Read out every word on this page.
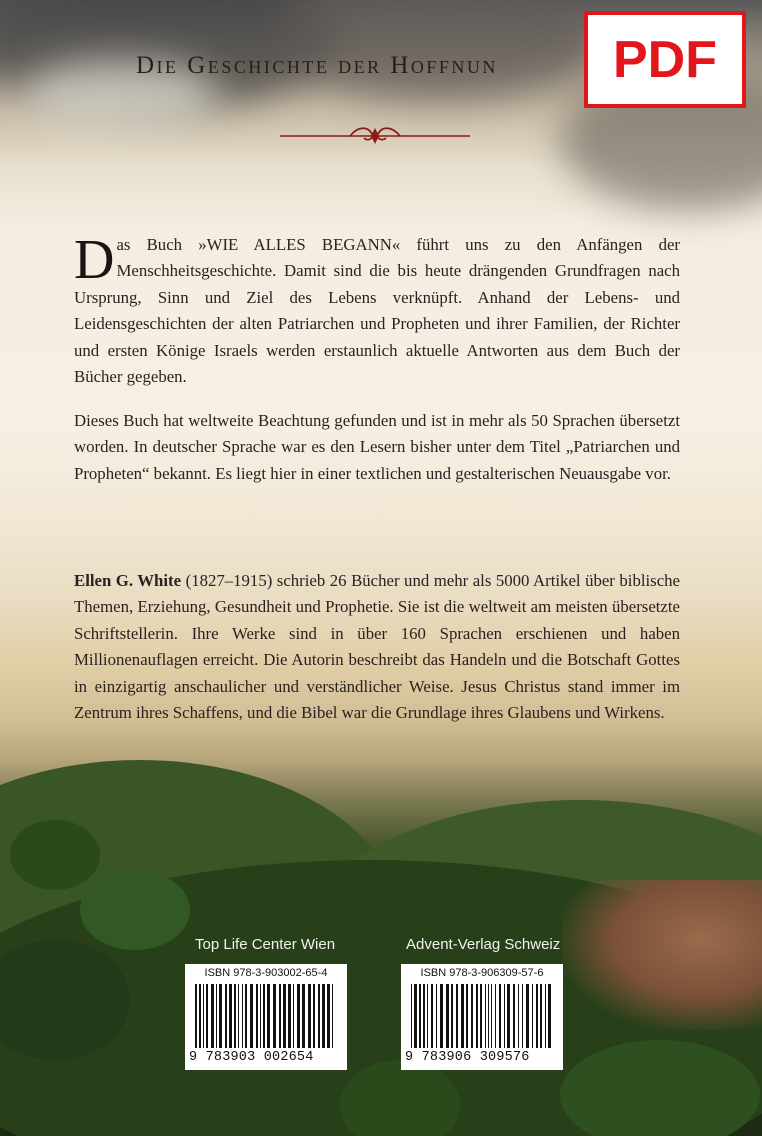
Die Geschichte der Hoffnun	PDF
Das Buch »WIE ALLES BEGANN« führt uns zu den Anfängen der Menschheitsgeschichte. Damit sind die bis heute drängenden Grundfragen nach Ursprung, Sinn und Ziel des Lebens verknüpft. Anhand der Lebens- und Leidensgeschichten der alten Patriarchen und Propheten und ihrer Familien, der Richter und ersten Könige Israels werden erstaunlich aktuelle Antworten aus dem Buch der Bücher gegeben.
Dieses Buch hat weltweite Beachtung gefunden und ist in mehr als 50 Sprachen übersetzt worden. In deutscher Sprache war es den Lesern bisher unter dem Titel „Patriarchen und Propheten“ bekannt. Es liegt hier in einer textlichen und gestalterischen Neuausgabe vor.
Ellen G. White (1827–1915) schrieb 26 Bücher und mehr als 5000 Artikel über biblische Themen, Erziehung, Gesundheit und Prophetie. Sie ist die weltweit am meisten übersetzte Schriftstellerin. Ihre Werke sind in über 160 Sprachen erschienen und haben Millionenauflagen erreicht. Die Autorin beschreibt das Handeln und die Botschaft Gottes in einzigartig anschaulicher und verständlicher Weise. Jesus Christus stand immer im Zentrum ihres Schaffens, und die Bibel war die Grundlage ihres Glaubens und Wirkens.
Top Life Center Wien	Advent-Verlag Schweiz
ISBN 978-3-903002-65-4
9 783903 002654
ISBN 978-3-906309-57-6
9 783906 309576
